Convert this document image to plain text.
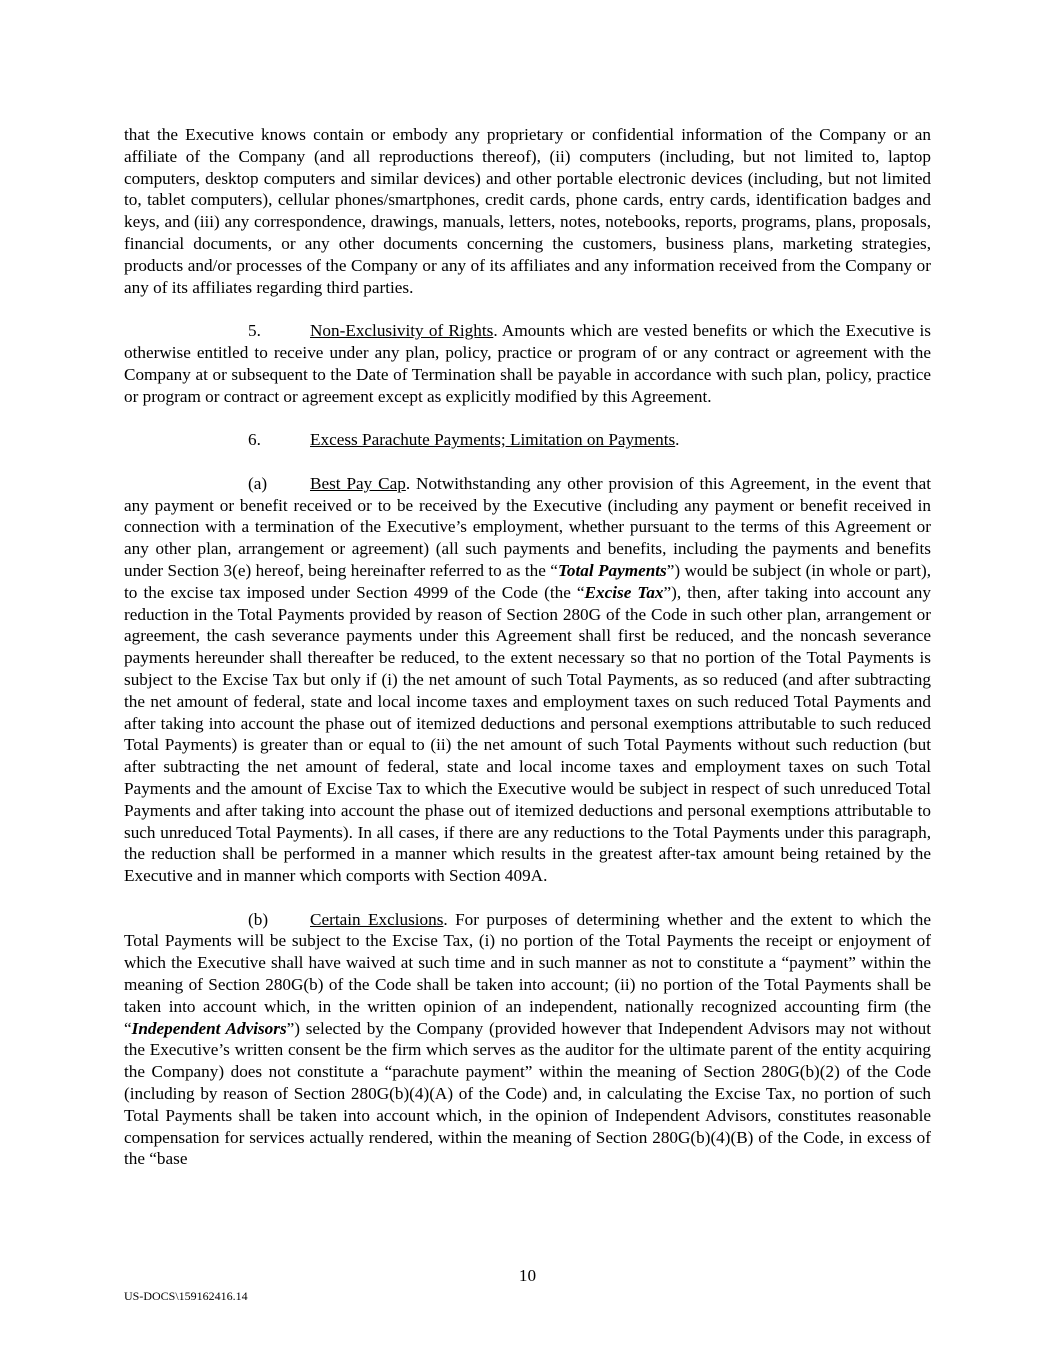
that the Executive knows contain or embody any proprietary or confidential information of the Company or an affiliate of the Company (and all reproductions thereof), (ii) computers (including, but not limited to, laptop computers, desktop computers and similar devices) and other portable electronic devices (including, but not limited to, tablet computers), cellular phones/smartphones, credit cards, phone cards, entry cards, identification badges and keys, and (iii) any correspondence, drawings, manuals, letters, notes, notebooks, reports, programs, plans, proposals, financial documents, or any other documents concerning the customers, business plans, marketing strategies, products and/or processes of the Company or any of its affiliates and any information received from the Company or any of its affiliates regarding third parties.

5.	Non-Exclusivity of Rights. Amounts which are vested benefits or which the Executive is otherwise entitled to receive under any plan, policy, practice or program of or any contract or agreement with the Company at or subsequent to the Date of Termination shall be payable in accordance with such plan, policy, practice or program or contract or agreement except as explicitly modified by this Agreement.

6.	Excess Parachute Payments; Limitation on Payments.

(a) Best Pay Cap. Notwithstanding any other provision of this Agreement, in the event that any payment or benefit received or to be received by the Executive (including any payment or benefit received in connection with a termination of the Executive’s employment, whether pursuant to the terms of this Agreement or any other plan, arrangement or agreement) (all such payments and benefits, including the payments and benefits under Section 3(e) hereof, being hereinafter referred to as the “Total Payments”) would be subject (in whole or part), to the excise tax imposed under Section 4999 of the Code (the “Excise Tax”), then, after taking into account any reduction in the Total Payments provided by reason of Section 280G of the Code in such other plan, arrangement or agreement, the cash severance payments under this Agreement shall first be reduced, and the noncash severance payments hereunder shall thereafter be reduced, to the extent necessary so that no portion of the Total Payments is subject to the Excise Tax but only if (i) the net amount of such Total Payments, as so reduced (and after subtracting the net amount of federal, state and local income taxes and employment taxes on such reduced Total Payments and after taking into account the phase out of itemized deductions and personal exemptions attributable to such reduced Total Payments) is greater than or equal to (ii) the net amount of such Total Payments without such reduction (but after subtracting the net amount of federal, state and local income taxes and employment taxes on such Total Payments and the amount of Excise Tax to which the Executive would be subject in respect of such unreduced Total Payments and after taking into account the phase out of itemized deductions and personal exemptions attributable to such unreduced Total Payments). In all cases, if there are any reductions to the Total Payments under this paragraph, the reduction shall be performed in a manner which results in the greatest after-tax amount being retained by the Executive and in manner which comports with Section 409A.

(b) Certain Exclusions. For purposes of determining whether and the extent to which the Total Payments will be subject to the Excise Tax, (i) no portion of the Total Payments the receipt or enjoyment of which the Executive shall have waived at such time and in such manner as not to constitute a “payment” within the meaning of Section 280G(b) of the Code shall be taken into account; (ii) no portion of the Total Payments shall be taken into account which, in the written opinion of an independent, nationally recognized accounting firm (the “Independent Advisors”) selected by the Company (provided however that Independent Advisors may not without the Executive’s written consent be the firm which serves as the auditor for the ultimate parent of the entity acquiring the Company) does not constitute a “parachute payment” within the meaning of Section 280G(b)(2) of the Code (including by reason of Section 280G(b)(4)(A) of the Code) and, in calculating the Excise Tax, no portion of such Total Payments shall be taken into account which, in the opinion of Independent Advisors, constitutes reasonable compensation for services actually rendered, within the meaning of Section 280G(b)(4)(B) of the Code, in excess of the “base

10
US-DOCS\159162416.14
